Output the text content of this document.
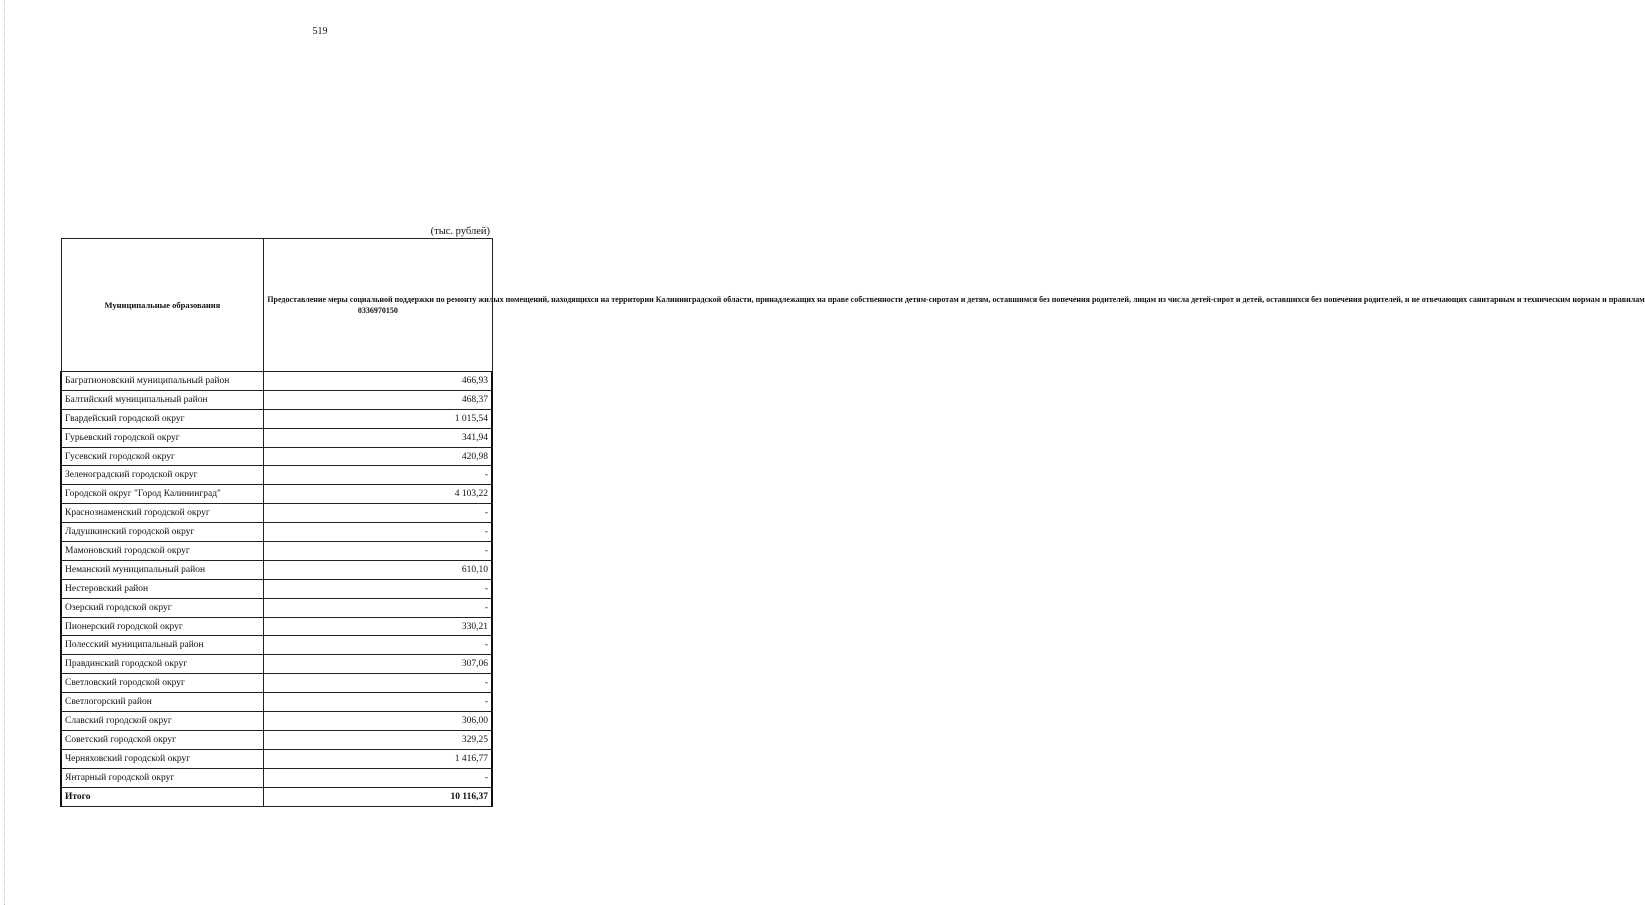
519
(тыс. рублей)
Муниципальные образования	Предоставление меры социальной поддержки по ремонту жилых помещений, находящихся на территории Калининградской области, принадлежащих на праве собственности детям-сиротам и детям, оставшимся без попечения родителей, лицам из числа детей-сирот и детей, оставшихся без попечения родителей, и не отвечающих санитарным и техническим нормам и правилам
0336970150

Багратионовский муниципальный район	466,93
Балтийский муниципальный район	468,37
Гвардейский городской округ	1 015,54
Гурьевский городской округ	341,94
Гусевский городской округ	420,98
Зеленоградский городской округ	-
Городской округ "Город Калининград"	4 103,22
Краснознаменский городской округ	-
Ладушкинский городской округ	-
Мамоновский городской округ	-
Неманский муниципальный район	610,10
Нестеровский район	-
Озерский городской округ	-
Пионерский городской округ	330,21
Полесский муниципальный район	-
Правдинский городской округ	307,06
Светловский городской округ	-
Светлогорский район	-
Славский городской округ	306,00
Советский городской округ	329,25
Черняховский городской округ	1 416,77
Янтарный городской округ	-
Итого	10 116,37
